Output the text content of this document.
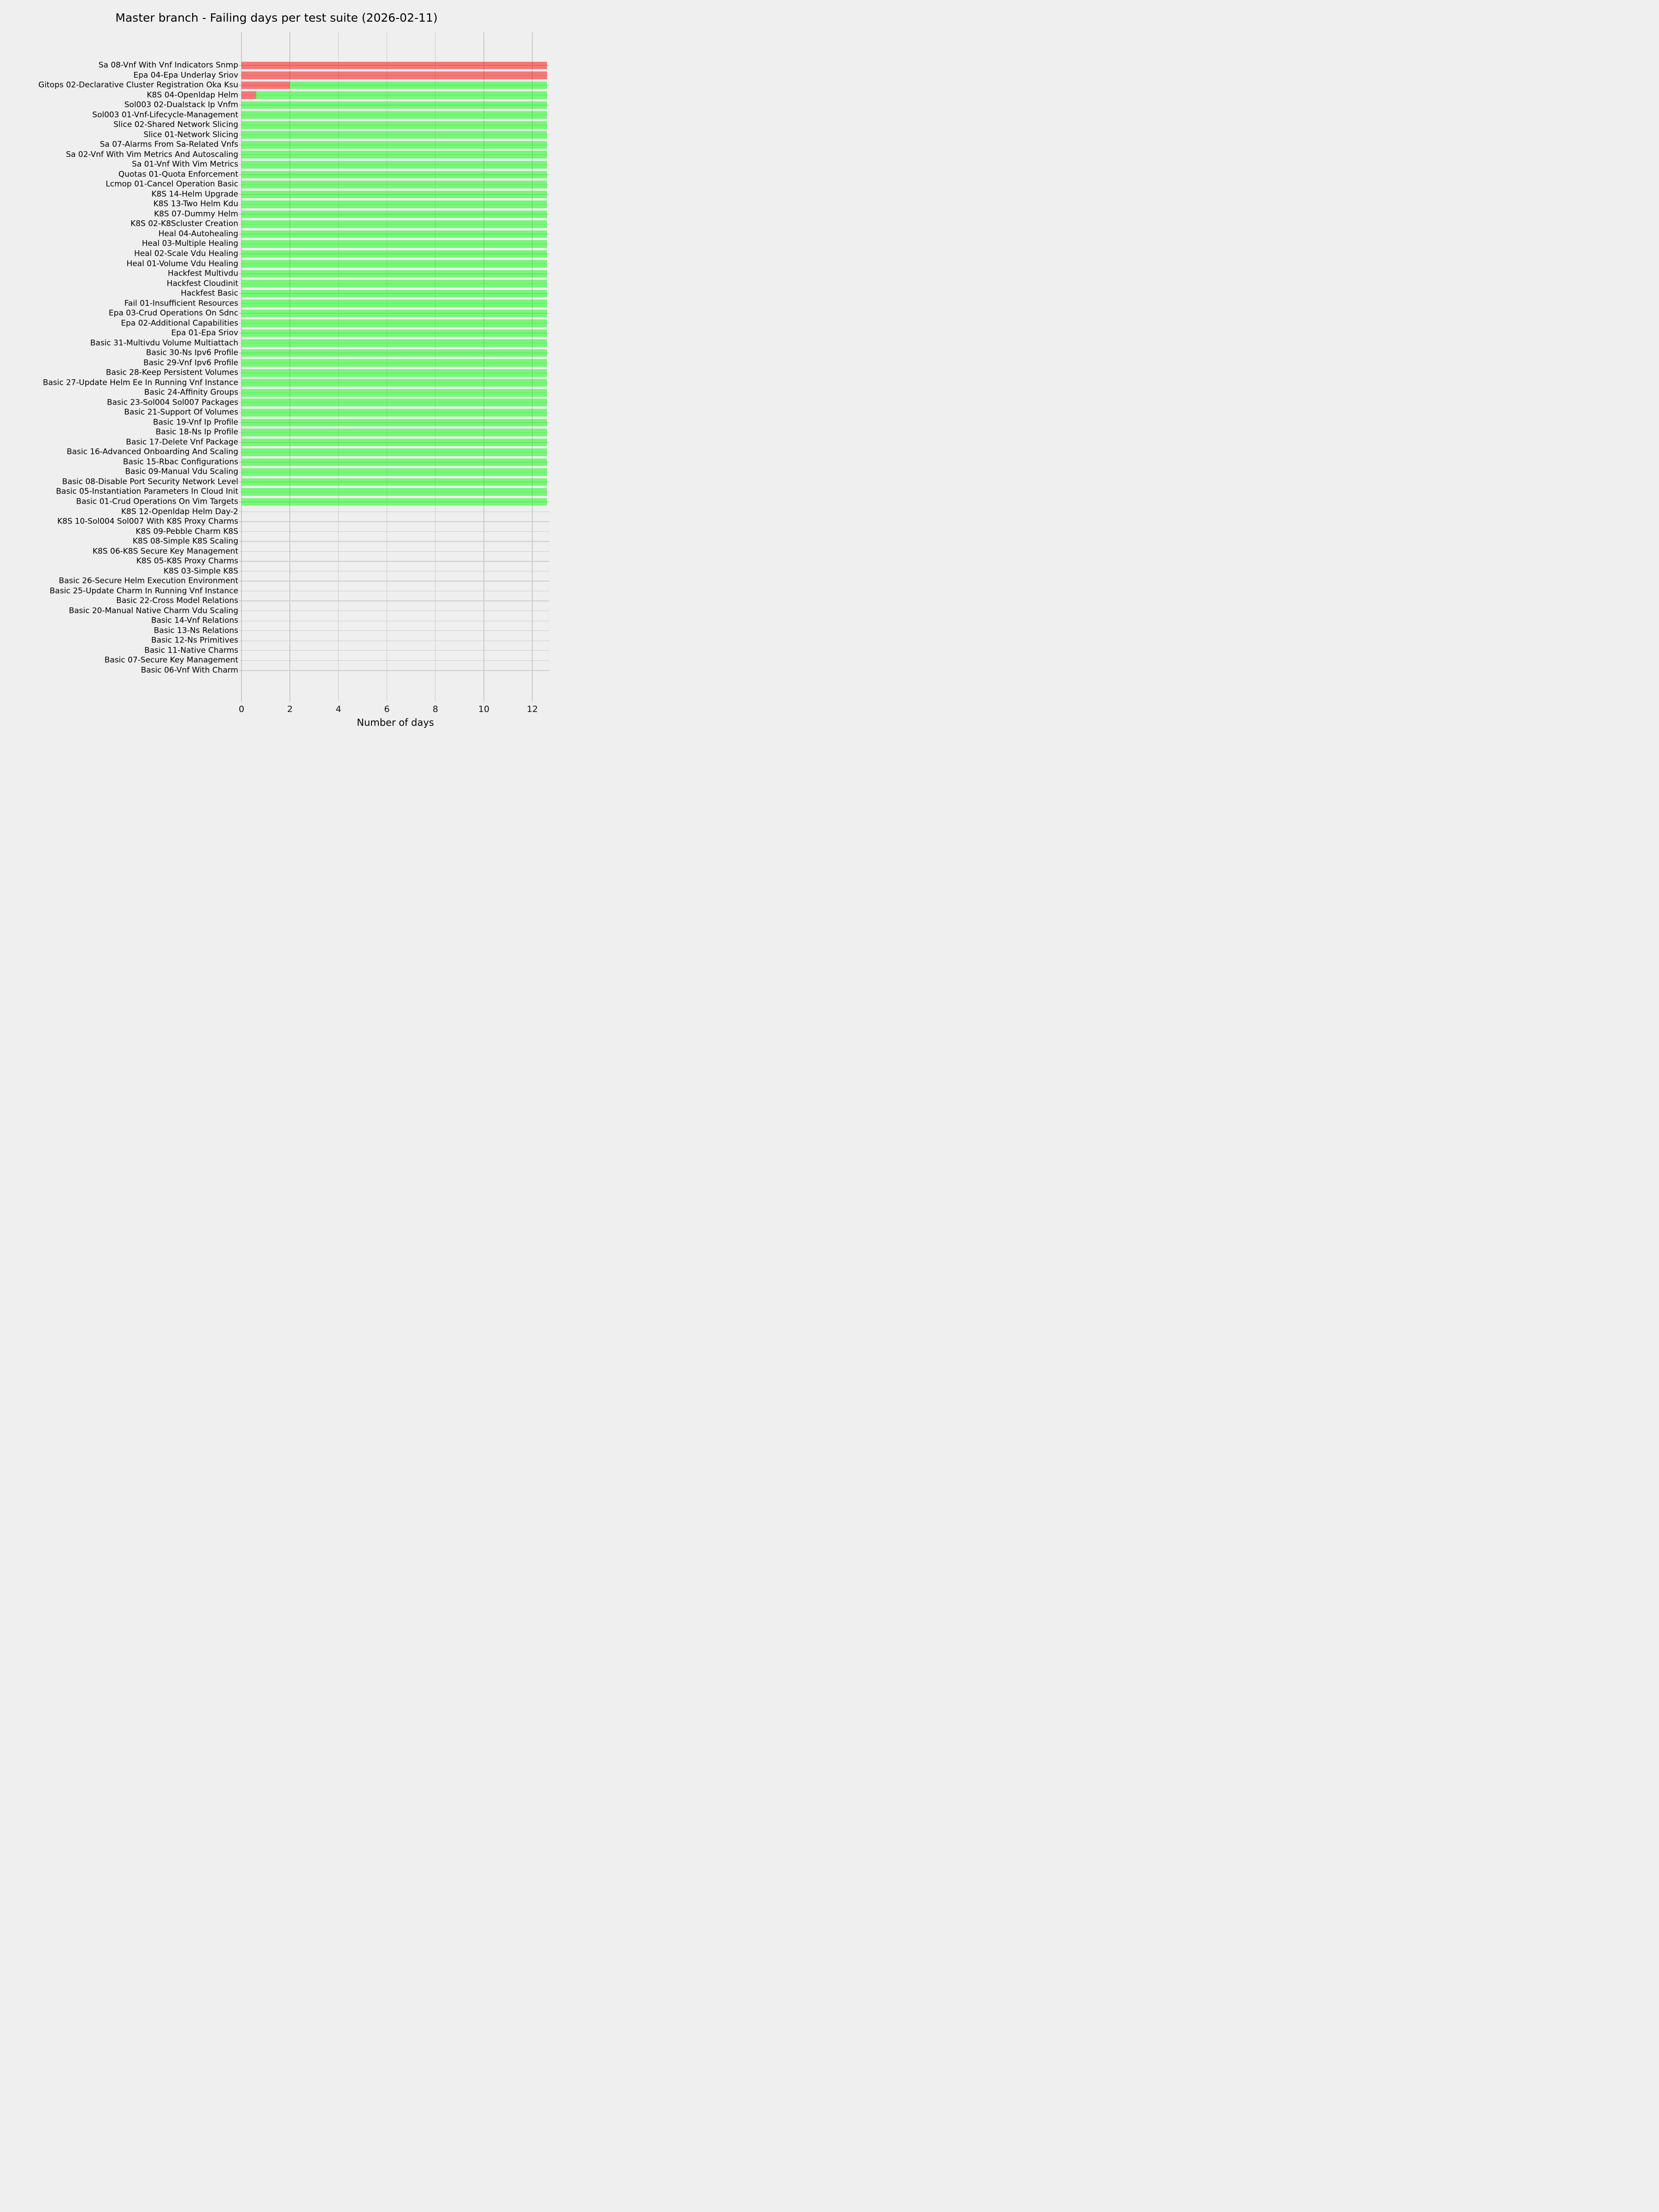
Master branch - Failing days per test suite (2026-02-11)
Number of days
0	2	4	6	8	10	12
Sa 08-Vnf With Vnf Indicators Snmp
Epa 04-Epa Underlay Sriov
Gitops 02-Declarative Cluster Registration Oka Ksu
K8S 04-Openldap Helm
Sol003 02-Dualstack Ip Vnfm
Sol003 01-Vnf-Lifecycle-Management
Slice 02-Shared Network Slicing
Slice 01-Network Slicing
Sa 07-Alarms From Sa-Related Vnfs
Sa 02-Vnf With Vim Metrics And Autoscaling
Sa 01-Vnf With Vim Metrics
Quotas 01-Quota Enforcement
Lcmop 01-Cancel Operation Basic
K8S 14-Helm Upgrade
K8S 13-Two Helm Kdu
K8S 07-Dummy Helm
K8S 02-K8Scluster Creation
Heal 04-Autohealing
Heal 03-Multiple Healing
Heal 02-Scale Vdu Healing
Heal 01-Volume Vdu Healing
Hackfest Multivdu
Hackfest Cloudinit
Hackfest Basic
Fail 01-Insufficient Resources
Epa 03-Crud Operations On Sdnc
Epa 02-Additional Capabilities
Epa 01-Epa Sriov
Basic 31-Multivdu Volume Multiattach
Basic 30-Ns Ipv6 Profile
Basic 29-Vnf Ipv6 Profile
Basic 28-Keep Persistent Volumes
Basic 27-Update Helm Ee In Running Vnf Instance
Basic 24-Affinity Groups
Basic 23-Sol004 Sol007 Packages
Basic 21-Support Of Volumes
Basic 19-Vnf Ip Profile
Basic 18-Ns Ip Profile
Basic 17-Delete Vnf Package
Basic 16-Advanced Onboarding And Scaling
Basic 15-Rbac Configurations
Basic 09-Manual Vdu Scaling
Basic 08-Disable Port Security Network Level
Basic 05-Instantiation Parameters In Cloud Init
Basic 01-Crud Operations On Vim Targets
K8S 12-Openldap Helm Day-2
K8S 10-Sol004 Sol007 With K8S Proxy Charms
K8S 09-Pebble Charm K8S
K8S 08-Simple K8S Scaling
K8S 06-K8S Secure Key Management
K8S 05-K8S Proxy Charms
K8S 03-Simple K8S
Basic 26-Secure Helm Execution Environment
Basic 25-Update Charm In Running Vnf Instance
Basic 22-Cross Model Relations
Basic 20-Manual Native Charm Vdu Scaling
Basic 14-Vnf Relations
Basic 13-Ns Relations
Basic 12-Ns Primitives
Basic 11-Native Charms
Basic 07-Secure Key Management
Basic 06-Vnf With Charm
